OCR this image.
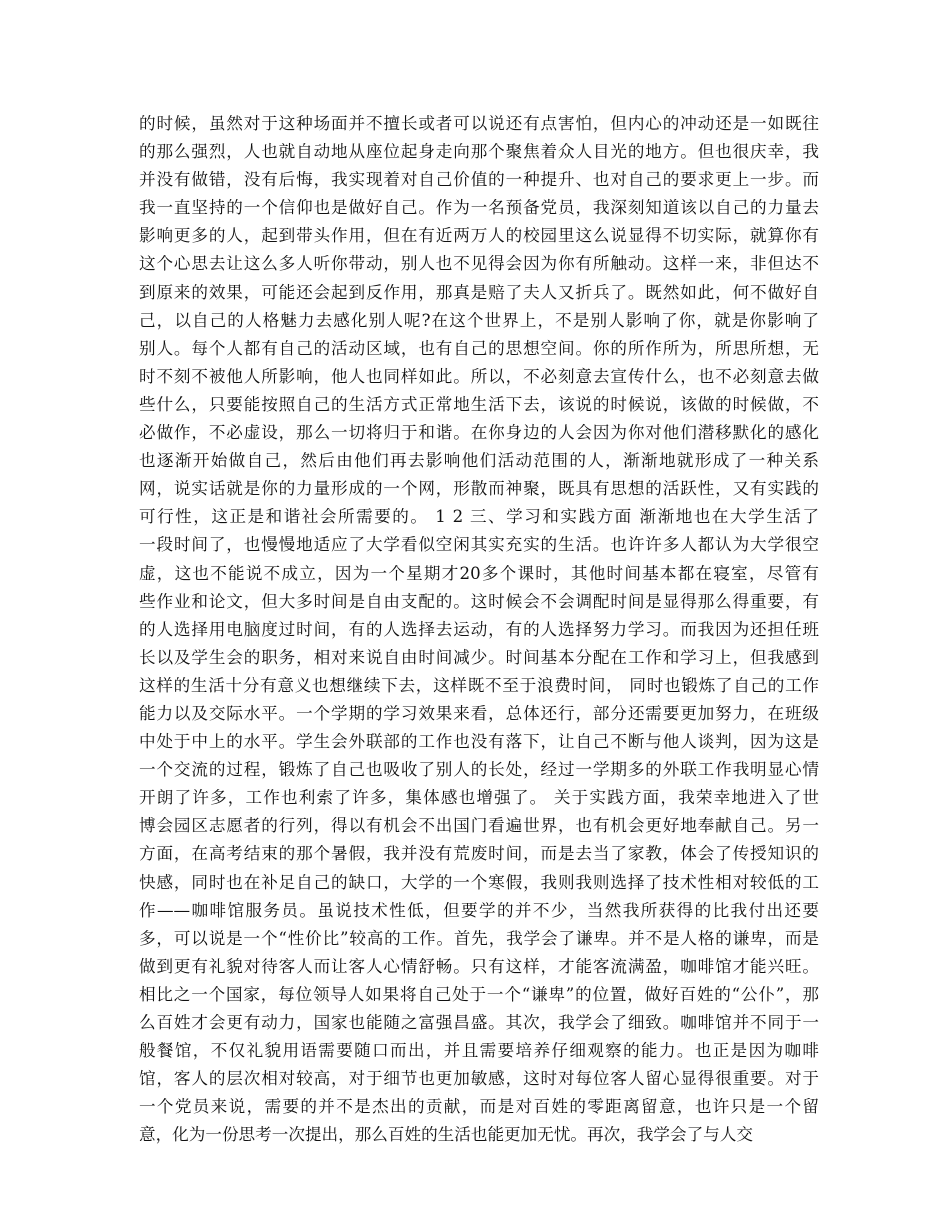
的时候，虽然对于这种场面并不擅长或者可以说还有点害怕，但内心的冲动还是一如既往
的那么强烈，人也就自动地从座位起身走向那个聚焦着众人目光的地方。但也很庆幸，我
并没有做错，没有后悔，我实现着对自己价值的一种提升、也对自己的要求更上一步。而
我一直坚持的一个信仰也是做好自己。作为一名预备党员，我深刻知道该以自己的力量去
影响更多的人，起到带头作用，但在有近两万人的校园里这么说显得不切实际，就算你有
这个心思去让这么多人听你带动，别人也不见得会因为你有所触动。这样一来，非但达不
到原来的效果，可能还会起到反作用，那真是赔了夫人又折兵了。既然如此，何不做好自
己，以自己的人格魅力去感化别人呢?在这个世界上，不是别人影响了你，就是你影响了
别人。每个人都有自己的活动区域，也有自己的思想空间。你的所作所为，所思所想，无
时不刻不被他人所影响，他人也同样如此。所以，不必刻意去宣传什么，也不必刻意去做
些什么，只要能按照自己的生活方式正常地生活下去，该说的时候说，该做的时候做，不
必做作，不必虚设，那么一切将归于和谐。在你身边的人会因为你对他们潜移默化的感化
也逐渐开始做自己，然后由他们再去影响他们活动范围的人，渐渐地就形成了一种关系
网，说实话就是你的力量形成的一个网，形散而神聚，既具有思想的活跃性，又有实践的
可行性，这正是和谐社会所需要的。 1 2 三、学习和实践方面 渐渐地也在大学生活了
一段时间了，也慢慢地适应了大学看似空闲其实充实的生活。也许许多人都认为大学很空
虚，这也不能说不成立，因为一个星期才20多个课时，其他时间基本都在寝室，尽管有
些作业和论文，但大多时间是自由支配的。这时候会不会调配时间是显得那么得重要，有
的人选择用电脑度过时间，有的人选择去运动，有的人选择努力学习。而我因为还担任班
长以及学生会的职务，相对来说自由时间减少。时间基本分配在工作和学习上，但我感到
这样的生活十分有意义也想继续下去，这样既不至于浪费时间， 同时也锻炼了自己的工作
能力以及交际水平。一个学期的学习效果来看，总体还行，部分还需要更加努力，在班级
中处于中上的水平。学生会外联部的工作也没有落下，让自己不断与他人谈判，因为这是
一个交流的过程，锻炼了自己也吸收了别人的长处，经过一学期多的外联工作我明显心情
开朗了许多，工作也利索了许多，集体感也增强了。 关于实践方面，我荣幸地进入了世
博会园区志愿者的行列，得以有机会不出国门看遍世界，也有机会更好地奉献自己。另一
方面，在高考结束的那个暑假，我并没有荒废时间，而是去当了家教，体会了传授知识的
快感，同时也在补足自己的缺口，大学的一个寒假，我则我则选择了技术性相对较低的工
作——咖啡馆服务员。虽说技术性低，但要学的并不少，当然我所获得的比我付出还要
多，可以说是一个“性价比”较高的工作。首先，我学会了谦卑。并不是人格的谦卑，而是
做到更有礼貌对待客人而让客人心情舒畅。只有这样，才能客流满盈，咖啡馆才能兴旺。
相比之一个国家，每位领导人如果将自己处于一个“谦卑”的位置，做好百姓的“公仆”，那
么百姓才会更有动力，国家也能随之富强昌盛。其次，我学会了细致。咖啡馆并不同于一
般餐馆，不仅礼貌用语需要随口而出，并且需要培养仔细观察的能力。也正是因为咖啡
馆，客人的层次相对较高，对于细节也更加敏感，这时对每位客人留心显得很重要。对于
一个党员来说，需要的并不是杰出的贡献，而是对百姓的零距离留意，也许只是一个留
意，化为一份思考一次提出，那么百姓的生活也能更加无忧。再次，我学会了与人交
